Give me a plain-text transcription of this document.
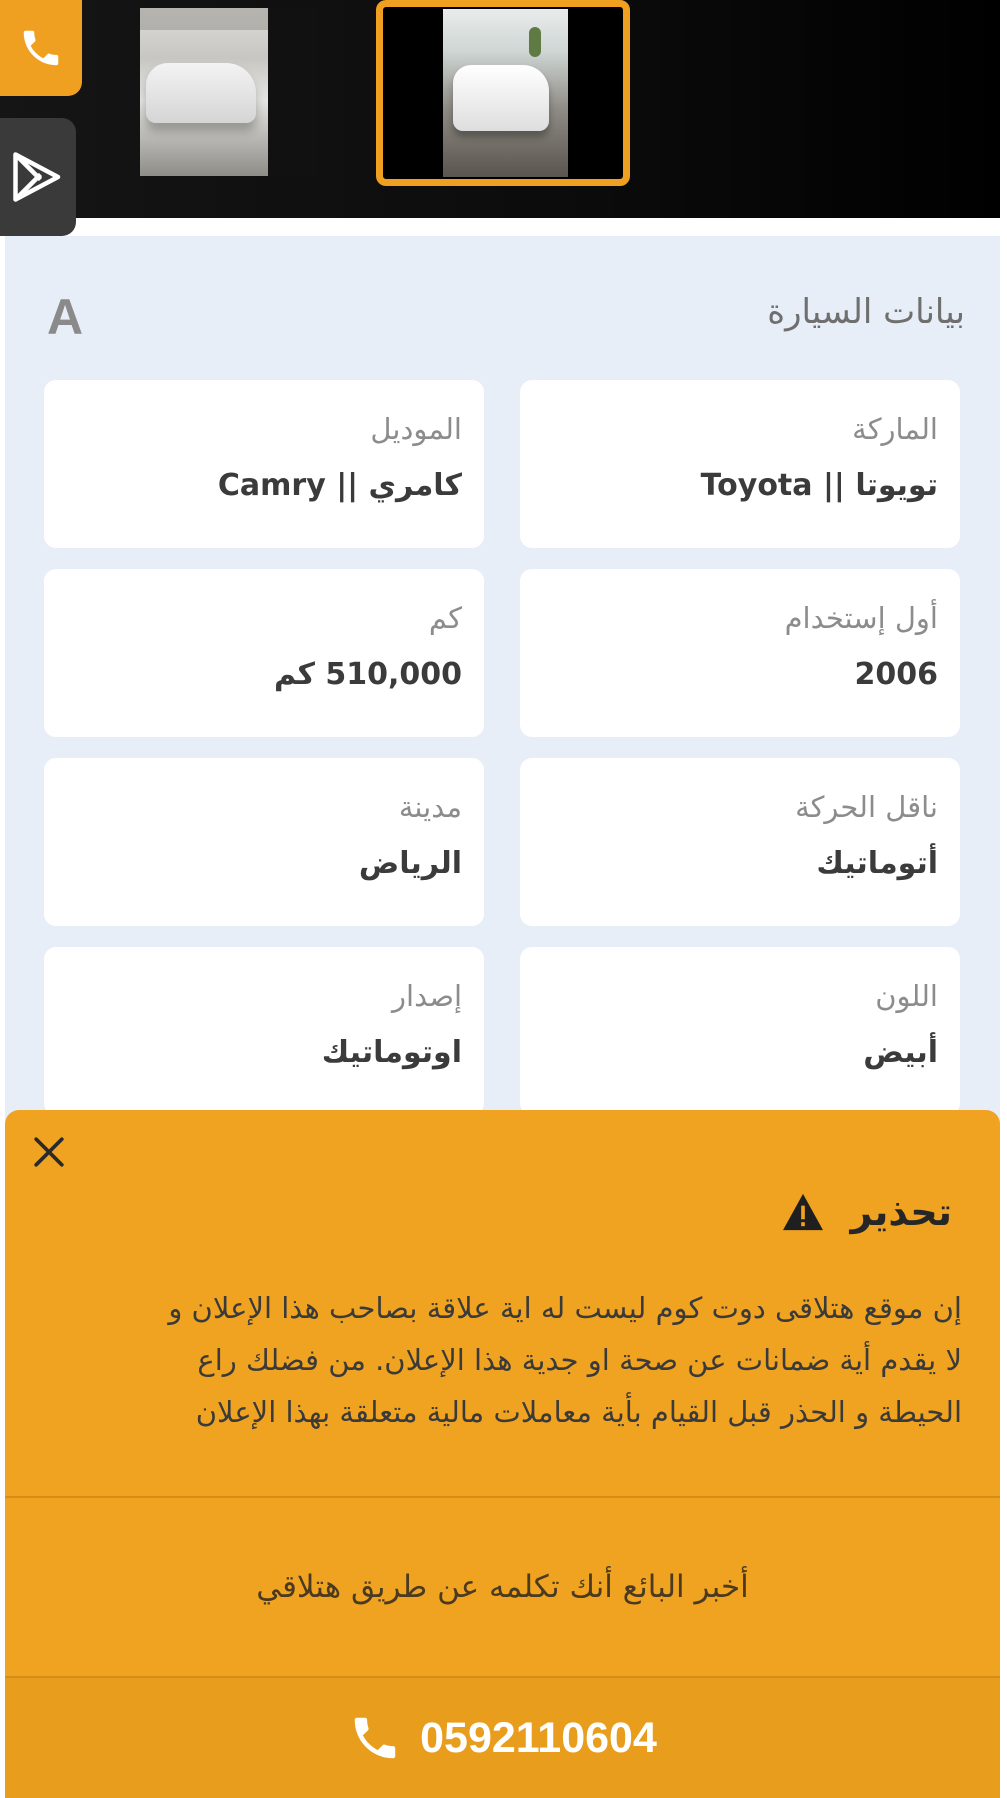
A	بيانات السيارة
الماركة
تويوتا || Toyota
الموديل
كامري || Camry
أول إستخدام
2006
كم
510,000 كم
ناقل الحركة
أتوماتيك
مدينة
الرياض
اللون
أبيض
إصدار
اوتوماتيك
تحذير
إن موقع هتلاقى دوت كوم ليست له اية علاقة بصاحب هذا الإعلان و
لا يقدم أية ضمانات عن صحة او جدية هذا الإعلان. من فضلك راع
الحيطة و الحذر قبل القيام بأية معاملات مالية متعلقة بهذا الإعلان
أخبر البائع أنك تكلمه عن طريق هتلاقي
0592110604
